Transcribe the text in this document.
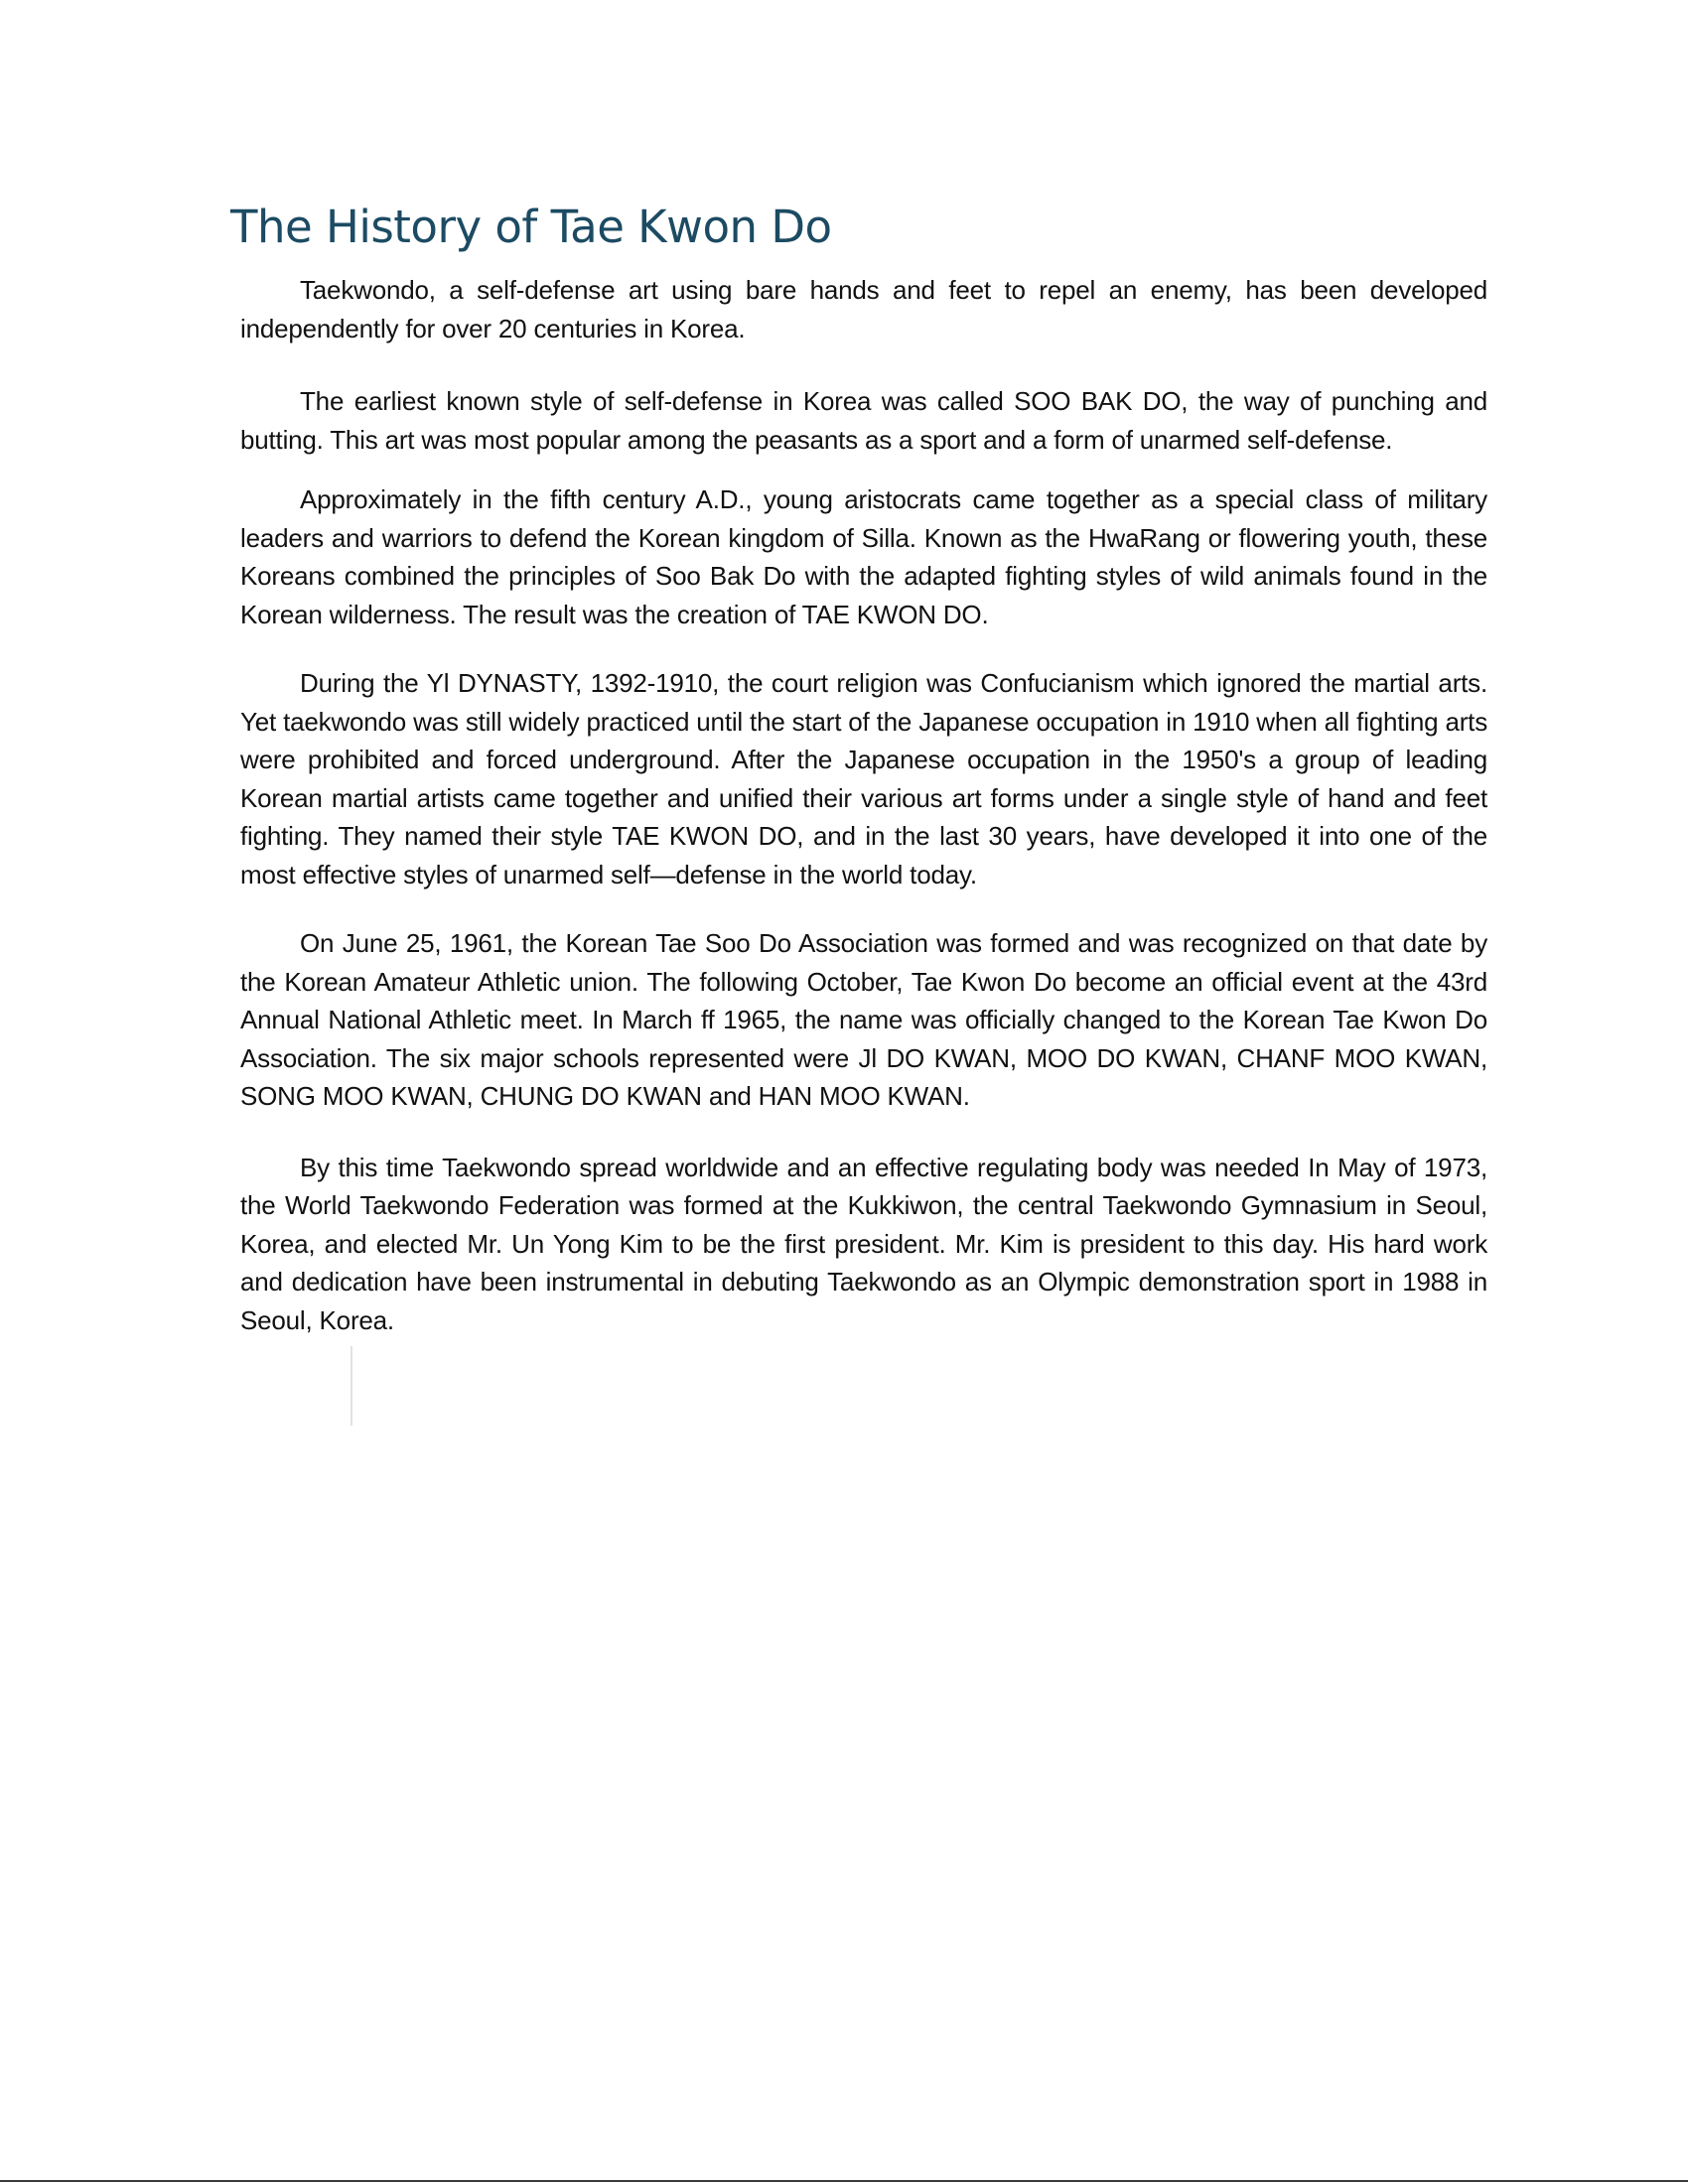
The History of Tae Kwon Do

Taekwondo, a self-defense art using bare hands and feet to repel an enemy, has been developed independently for over 20 centuries in Korea.

The earliest known style of self-defense in Korea was called SOO BAK DO, the way of punching and butting. This art was most popular among the peasants as a sport and a form of unarmed self-defense.

Approximately in the fifth century A.D., young aristocrats came together as a special class of military leaders and warriors to defend the Korean kingdom of Silla. Known as the HwaRang or flowering youth, these Koreans combined the principles of Soo Bak Do with the adapted fighting styles of wild animals found in the Korean wilderness. The result was the creation of TAE KWON DO.

During the Yl DYNASTY, 1392-1910, the court religion was Confucianism which ignored the martial arts. Yet taekwondo was still widely practiced until the start of the Japanese occupation in 1910 when all fighting arts were prohibited and forced underground. After the Japanese occupation in the 1950's a group of leading Korean martial artists came together and unified their various art forms under a single style of hand and feet fighting. They named their style TAE KWON DO, and in the last 30 years, have developed it into one of the most effective styles of unarmed self—defense in the world today.

On June 25, 1961, the Korean Tae Soo Do Association was formed and was recognized on that date by the Korean Amateur Athletic union. The following October, Tae Kwon Do become an official event at the 43rd Annual National Athletic meet. In March ff 1965, the name was officially changed to the Korean Tae Kwon Do Association. The six major schools represented were Jl DO KWAN, MOO DO KWAN, CHANF MOO KWAN, SONG MOO KWAN, CHUNG DO KWAN and HAN MOO KWAN.

By this time Taekwondo spread worldwide and an effective regulating body was needed In May of 1973, the World Taekwondo Federation was formed at the Kukkiwon, the central Taekwondo Gymnasium in Seoul, Korea, and elected Mr. Un Yong Kim to be the first president. Mr. Kim is president to this day. His hard work and dedication have been instrumental in debuting Taekwondo as an Olympic demonstration sport in 1988 in Seoul, Korea.
